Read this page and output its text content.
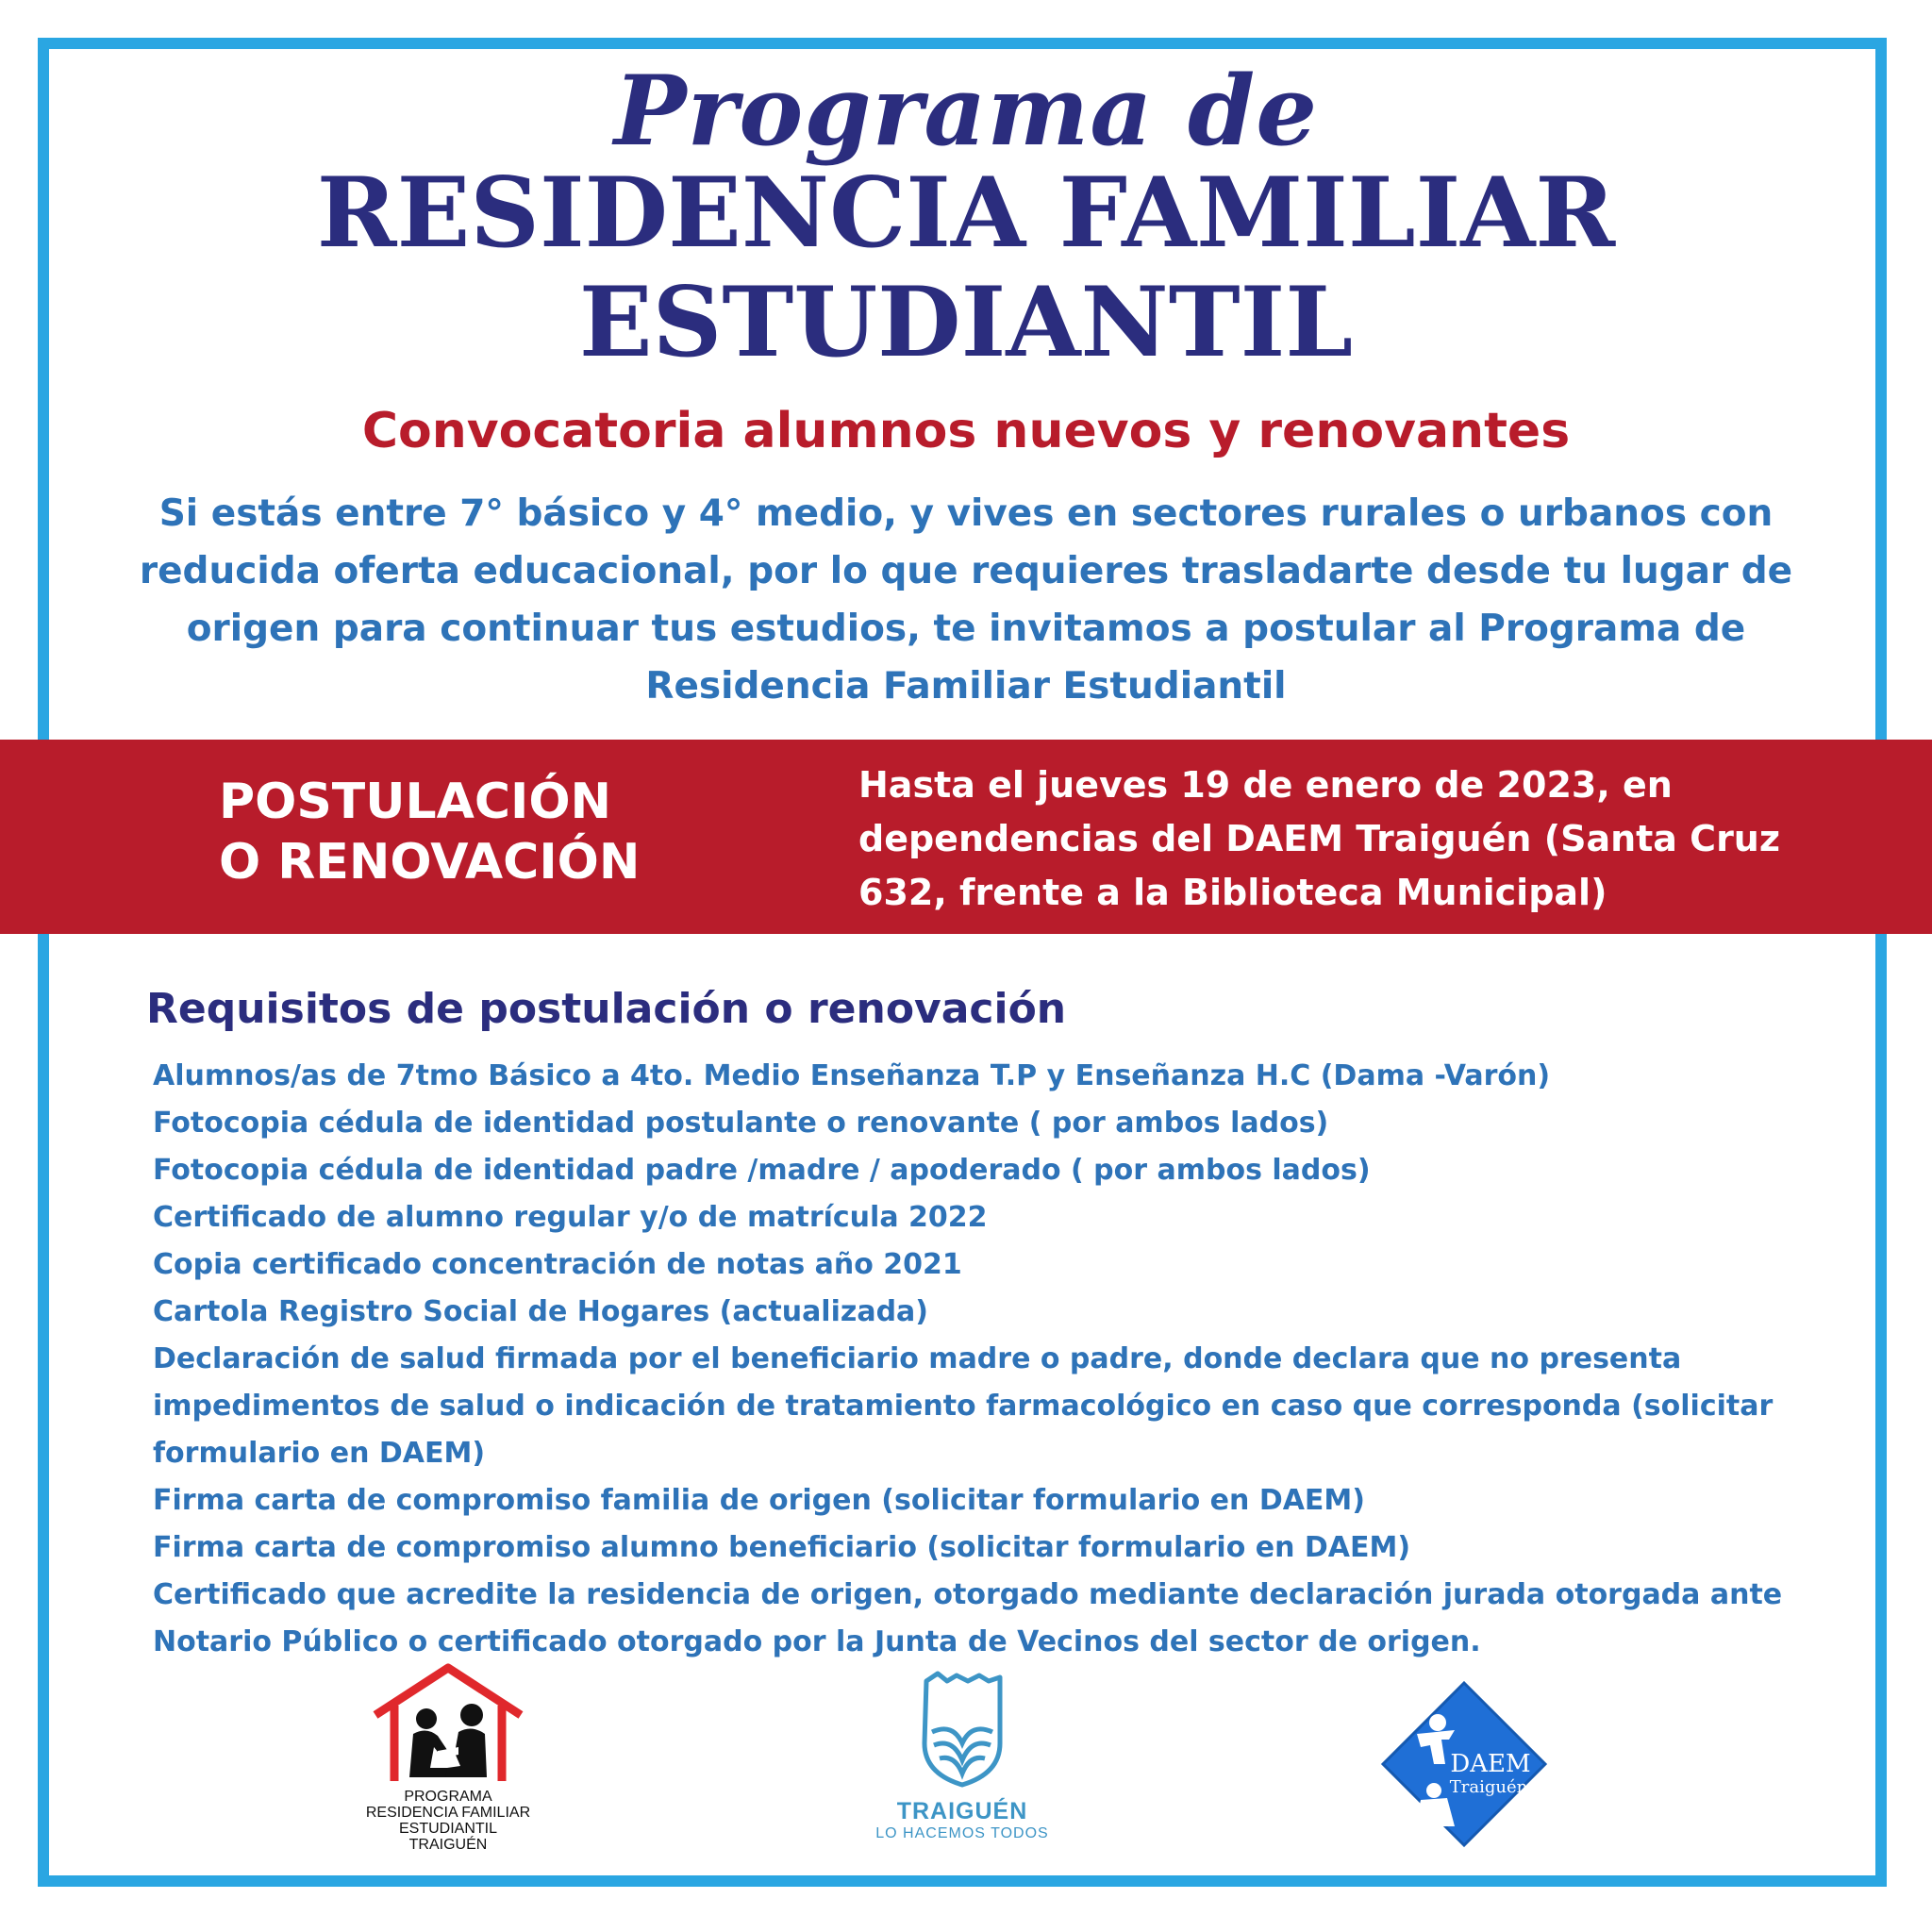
Programa de
RESIDENCIA FAMILIAR
ESTUDIANTIL
Convocatoria alumnos nuevos y renovantes
Si estás entre 7° básico y 4° medio, y vives en sectores rurales o urbanos con reducida oferta educacional, por lo que requieres trasladarte desde tu lugar de origen para continuar tus estudios, te invitamos a postular al Programa de Residencia Familiar Estudiantil
POSTULACIÓN
O RENOVACIÓN
Hasta el jueves 19 de enero de 2023, en dependencias del DAEM Traiguén (Santa Cruz 632, frente a la Biblioteca Municipal)
Requisitos de postulación o renovación
Alumnos/as de 7tmo Básico a 4to. Medio Enseñanza T.P y Enseñanza H.C (Dama -Varón)
Fotocopia cédula de identidad postulante o renovante ( por ambos lados)
Fotocopia cédula de identidad padre /madre / apoderado ( por ambos lados)
Certificado de alumno regular y/o de matrícula 2022
Copia certificado concentración de notas año 2021
Cartola Registro Social de Hogares (actualizada)
Declaración de salud firmada por el beneficiario madre o padre, donde declara que no presenta impedimentos de salud o indicación de tratamiento farmacológico en caso que corresponda (solicitar formulario en DAEM)
Firma carta de compromiso familia de origen (solicitar formulario en DAEM)
Firma carta de compromiso alumno beneficiario (solicitar formulario en DAEM)
Certificado que acredite la residencia de origen, otorgado mediante declaración jurada otorgada ante Notario Público o certificado otorgado por la Junta de Vecinos del sector de origen.
PROGRAMA
RESIDENCIA FAMILIAR
ESTUDIANTIL
TRAIGUÉN
TRAIGUÉN
LO HACEMOS TODOS
DAEM
Traiguén
